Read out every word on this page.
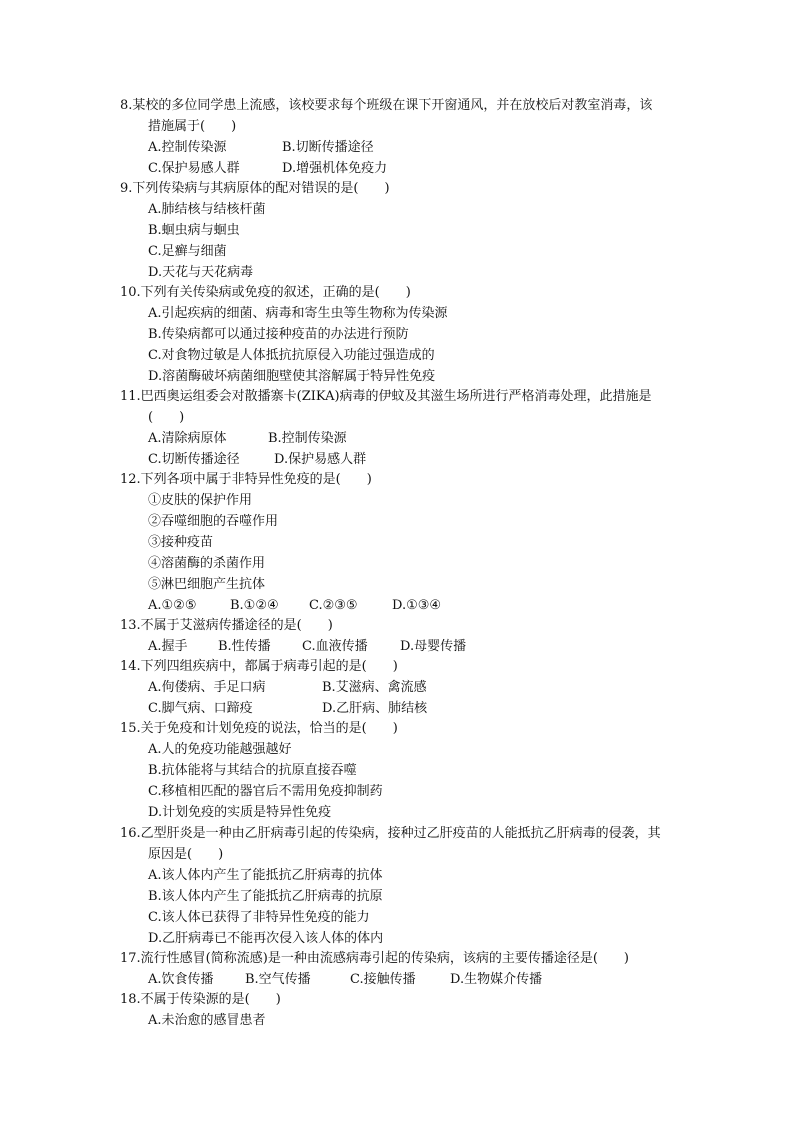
8.某校的多位同学患上流感，该校要求每个班级在课下开窗通风，并在放校后对教室消毒，该
措施属于(　　)
A.控制传染源	B.切断传播途径
C.保护易感人群	D.增强机体免疫力
9.下列传染病与其病原体的配对错误的是(　　)
A.肺结核与结核杆菌
B.蛔虫病与蛔虫
C.足癣与细菌
D.天花与天花病毒
10.下列有关传染病或免疫的叙述，正确的是(　　)
A.引起疾病的细菌、病毒和寄生虫等生物称为传染源
B.传染病都可以通过接种疫苗的办法进行预防
C.对食物过敏是人体抵抗抗原侵入功能过强造成的
D.溶菌酶破坏病菌细胞壁使其溶解属于特异性免疫
11.巴西奥运组委会对散播寨卡(ZIKA)病毒的伊蚊及其滋生场所进行严格消毒处理，此措施是
(　　)
A.清除病原体	B.控制传染源
C.切断传播途径	D.保护易感人群
12.下列各项中属于非特异性免疫的是(　　)
①皮肤的保护作用
②吞噬细胞的吞噬作用
③接种疫苗
④溶菌酶的杀菌作用
⑤淋巴细胞产生抗体
A.①②⑤	B.①②④ C.②③⑤	D.①③④
13.不属于艾滋病传播途径的是(　　)
A.握手 B.性传播 C.血液传播 D.母婴传播
14.下列四组疾病中，都属于病毒引起的是(　　)
A.佝偻病、手足口病	B.艾滋病、禽流感
C.脚气病、口蹄疫	D.乙肝病、肺结核
15.关于免疫和计划免疫的说法，恰当的是(　　)
A.人的免疫功能越强越好
B.抗体能将与其结合的抗原直接吞噬
C.移植相匹配的器官后不需用免疫抑制药
D.计划免疫的实质是特异性免疫
16.乙型肝炎是一种由乙肝病毒引起的传染病，接种过乙肝疫苗的人能抵抗乙肝病毒的侵袭，其
原因是(　　)
A.该人体内产生了能抵抗乙肝病毒的抗体
B.该人体内产生了能抵抗乙肝病毒的抗原
C.该人体已获得了非特异性免疫的能力
D.乙肝病毒已不能再次侵入该人体的体内
17.流行性感冒(简称流感)是一种由流感病毒引起的传染病，该病的主要传播途径是(　　)
A.饮食传播 B.空气传播	C.接触传播	D.生物媒介传播
18.不属于传染源的是(　　)
A.未治愈的感冒患者
